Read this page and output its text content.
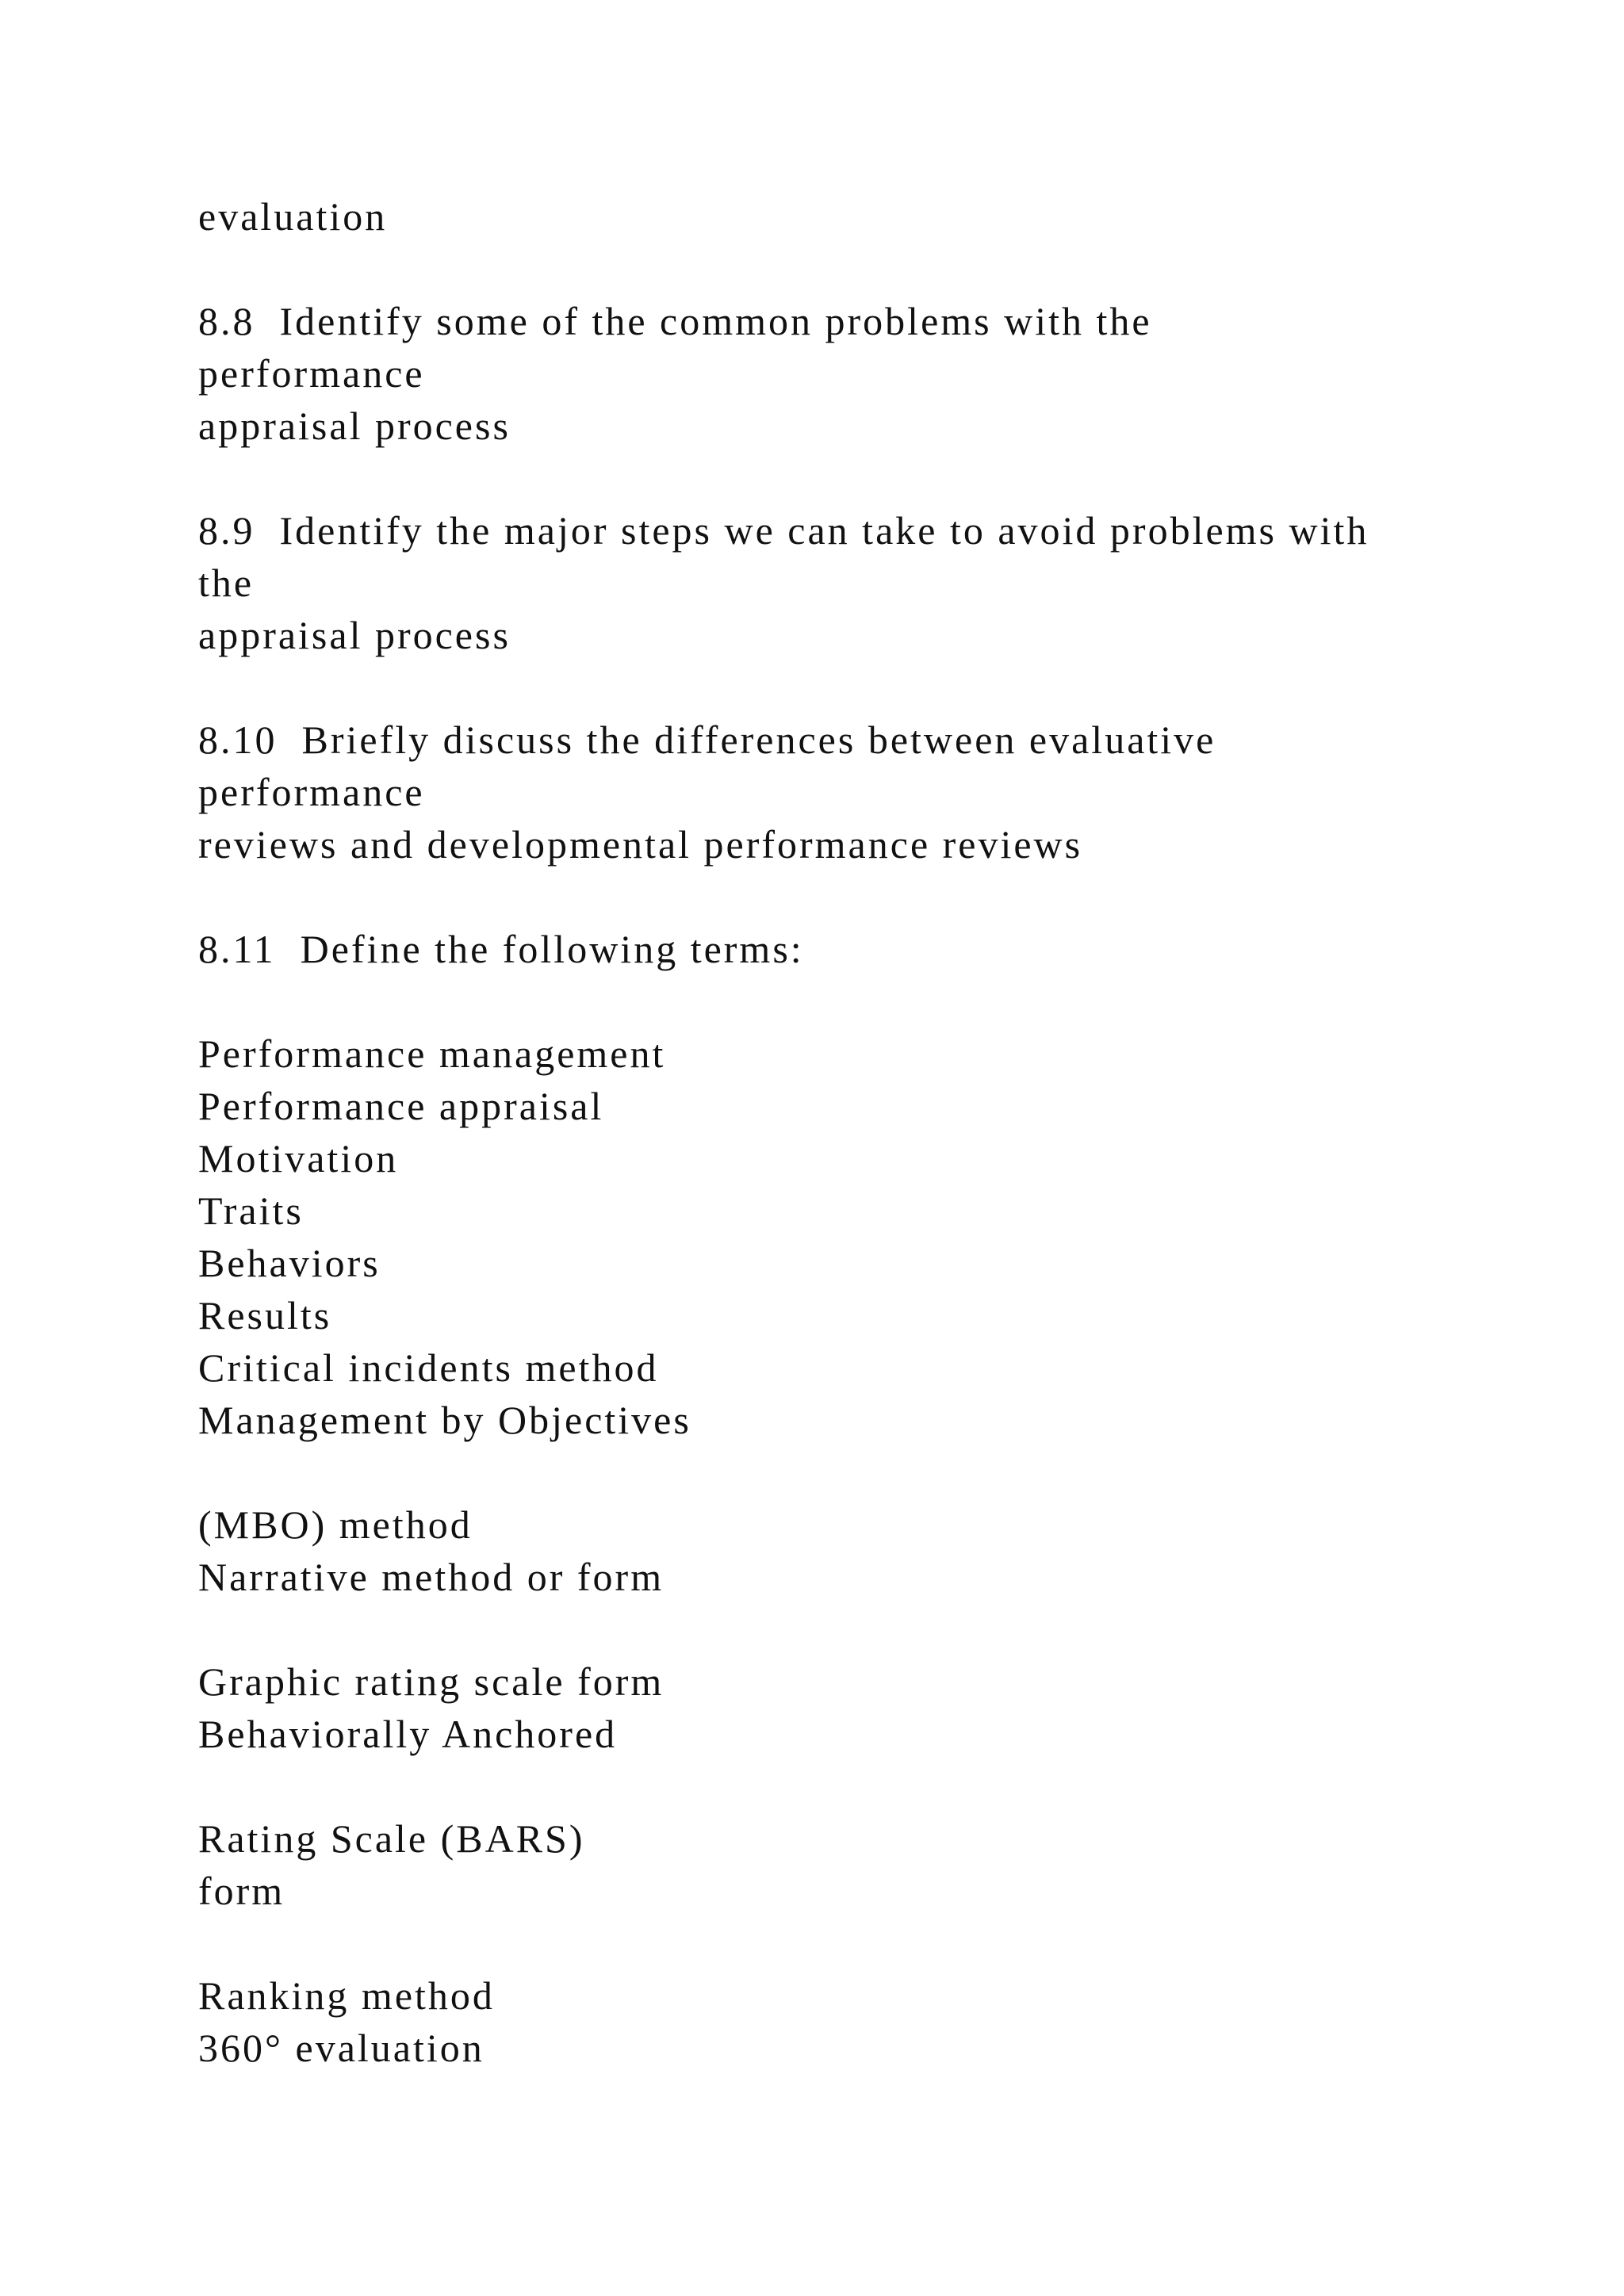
evaluation
8.8  Identify some of the common problems with the
performance
appraisal process
8.9  Identify the major steps we can take to avoid problems with
the
appraisal process
8.10  Briefly discuss the differences between evaluative
performance
reviews and developmental performance reviews
8.11  Define the following terms:
Performance management
Performance appraisal
Motivation
Traits
Behaviors
Results
Critical incidents method
Management by Objectives
(MBO) method
Narrative method or form
Graphic rating scale form
Behaviorally Anchored
Rating Scale (BARS)
form
Ranking method
360° evaluation
